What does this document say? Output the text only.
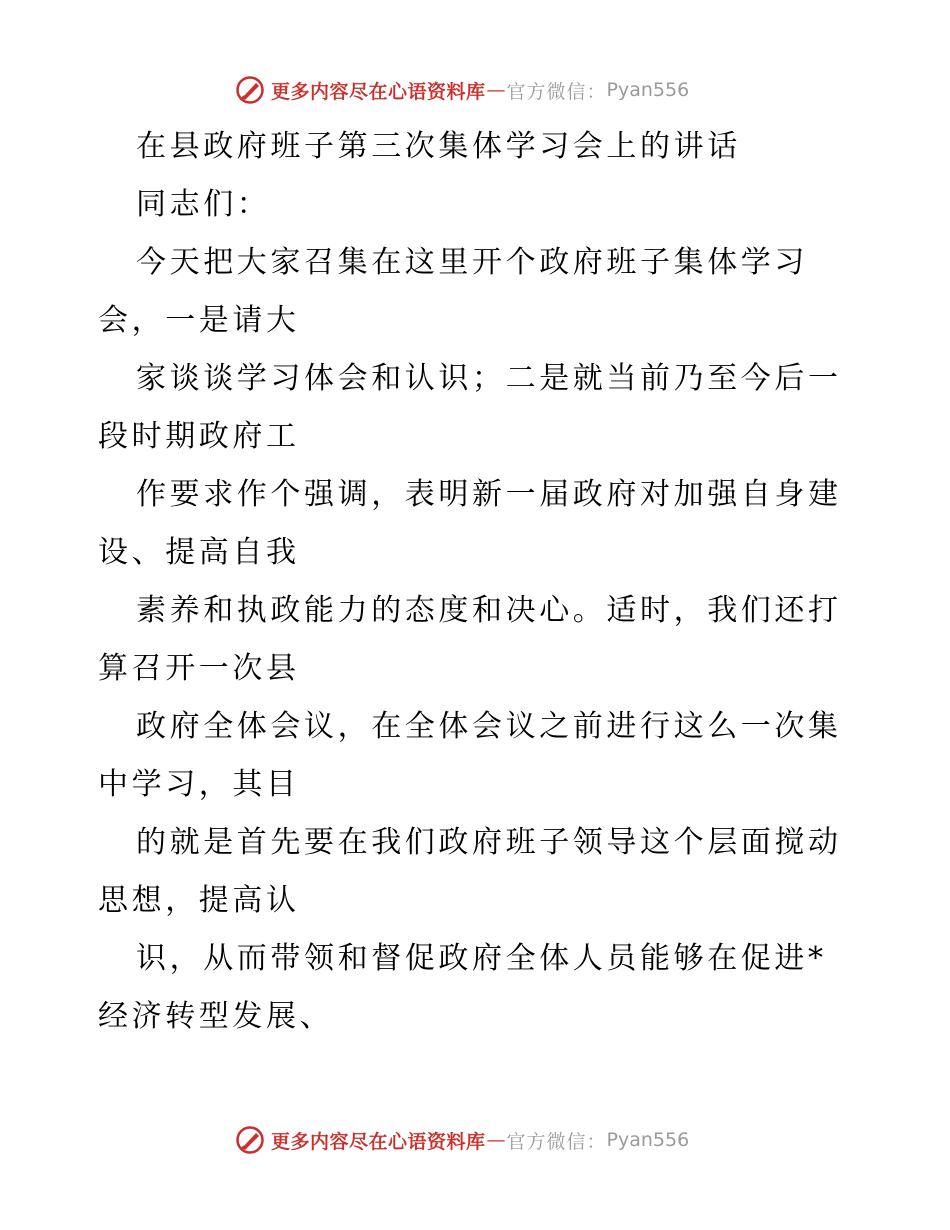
更多内容尽在心语资料库 — 官方微信： Pyan556
在县政府班子第三次集体学习会上的讲话
同志们：
今天把大家召集在这里开个政府班子集体学习
会，一是请大
家谈谈学习体会和认识；二是就当前乃至今后一
段时期政府工
作要求作个强调，表明新一届政府对加强自身建
设、提高自我
素养和执政能力的态度和决心。适时，我们还打
算召开一次县
政府全体会议，在全体会议之前进行这么一次集
中学习，其目
的就是首先要在我们政府班子领导这个层面搅动
思想，提高认
识，从而带领和督促政府全体人员能够在促进*
经济转型发展、
更多内容尽在心语资料库 — 官方微信： Pyan556
